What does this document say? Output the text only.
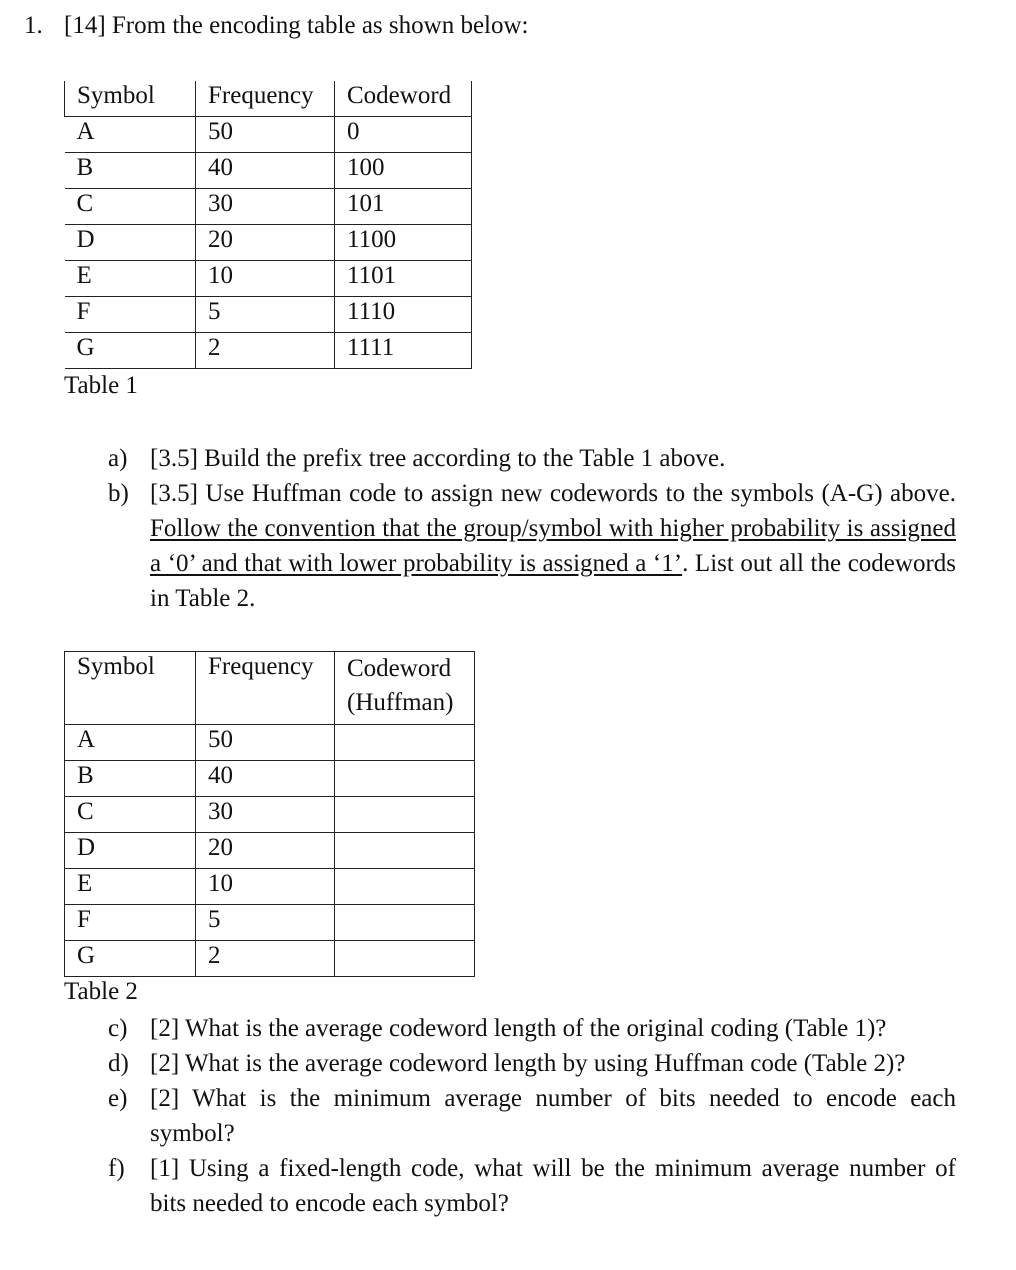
1. [14] From the encoding table as shown below:
Symbol	Frequency	Codeword
A	50	0
B	40	100
C	30	101
D	20	1100
E	10	1101
F	5	1110
G	2	1111
Table 1
a) [3.5] Build the prefix tree according to the Table 1 above.
b) [3.5] Use Huffman code to assign new codewords to the symbols (A-G) above. Follow the convention that the group/symbol with higher probability is assigned a ‘0’ and that with lower probability is assigned a ‘1’. List out all the codewords in Table 2.
Symbol	Frequency	Codeword (Huffman)
A	50	
B	40	
C	30	
D	20	
E	10	
F	5	
G	2	
Table 2
c) [2] What is the average codeword length of the original coding (Table 1)?
d) [2] What is the average codeword length by using Huffman code (Table 2)?
e) [2] What is the minimum average number of bits needed to encode each symbol?
f) [1] Using a fixed-length code, what will be the minimum average number of bits needed to encode each symbol?
